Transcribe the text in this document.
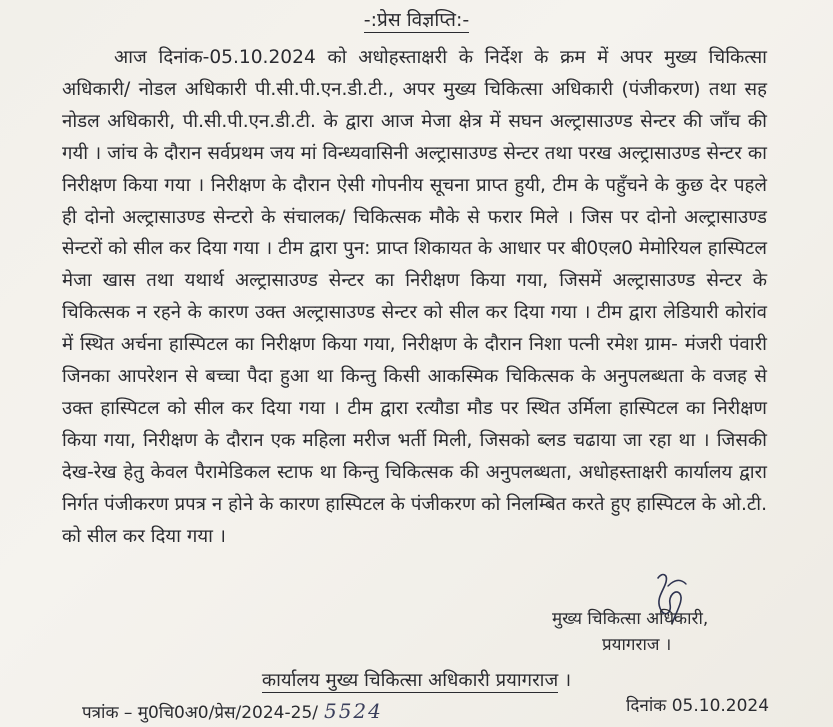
-:प्रेस विज्ञप्ति:-

आज दिनांक-05.10.2024 को अधोहस्ताक्षरी के निर्देश के क्रम में अपर मुख्य चिकित्सा अधिकारी/ नोडल अधिकारी पी.सी.पी.एन.डी.टी., अपर मुख्य चिकित्सा अधिकारी (पंजीकरण) तथा सह नोडल अधिकारी, पी.सी.पी.एन.डी.टी. के द्वारा आज मेजा क्षेत्र में सघन अल्ट्रासाउण्ड सेन्टर की जाँच की गयी । जांच के दौरान सर्वप्रथम जय मां विन्ध्यवासिनी अल्ट्रासाउण्ड सेन्टर तथा परख अल्ट्रासाउण्ड सेन्टर का निरीक्षण किया गया । निरीक्षण के दौरान ऐसी गोपनीय सूचना प्राप्त हुयी, टीम के पहुँचने के कुछ देर पहले ही दोनो अल्ट्रासाउण्ड सेन्टरो के संचालक/ चिकित्सक मौके से फरार मिले । जिस पर दोनो अल्ट्रासाउण्ड सेन्टरों को सील कर दिया गया । टीम द्वारा पुन: प्राप्त शिकायत के आधार पर बी0एल0 मेमोरियल हास्पिटल मेजा खास तथा यथार्थ अल्ट्रासाउण्ड सेन्टर का निरीक्षण किया गया, जिसमें अल्ट्रासाउण्ड सेन्टर के चिकित्सक न रहने के कारण उक्त अल्ट्रासाउण्ड सेन्टर को सील कर दिया गया । टीम द्वारा लेडियारी कोरांव में स्थित अर्चना हास्पिटल का निरीक्षण किया गया, निरीक्षण के दौरान निशा पत्नी रमेश ग्राम- मंजरी पंवारी जिनका आपरेशन से बच्चा पैदा हुआ था किन्तु किसी आकस्मिक चिकित्सक के अनुपलब्धता के वजह से उक्त हास्पिटल को सील कर दिया गया । टीम द्वारा रत्यौडा मौड पर स्थित उर्मिला हास्पिटल का निरीक्षण किया गया, निरीक्षण के दौरान एक महिला मरीज भर्ती मिली, जिसको ब्लड चढाया जा रहा था । जिसकी देख-रेख हेतु केवल पैरामेडिकल स्टाफ था किन्तु चिकित्सक की अनुपलब्धता, अधोहस्ताक्षरी कार्यालय द्वारा निर्गत पंजीकरण प्रपत्र न होने के कारण हास्पिटल के पंजीकरण को निलम्बित करते हुए हास्पिटल के ओ.टी. को सील कर दिया गया ।

मुख्य चिकित्सा अधिकारी,
प्रयागराज ।
कार्यालय मुख्य चिकित्सा अधिकारी प्रयागराज ।
पत्रांक – मु0चि0अ0/प्रेस/2024-25/ 5524	दिनांक 05.10.2024
